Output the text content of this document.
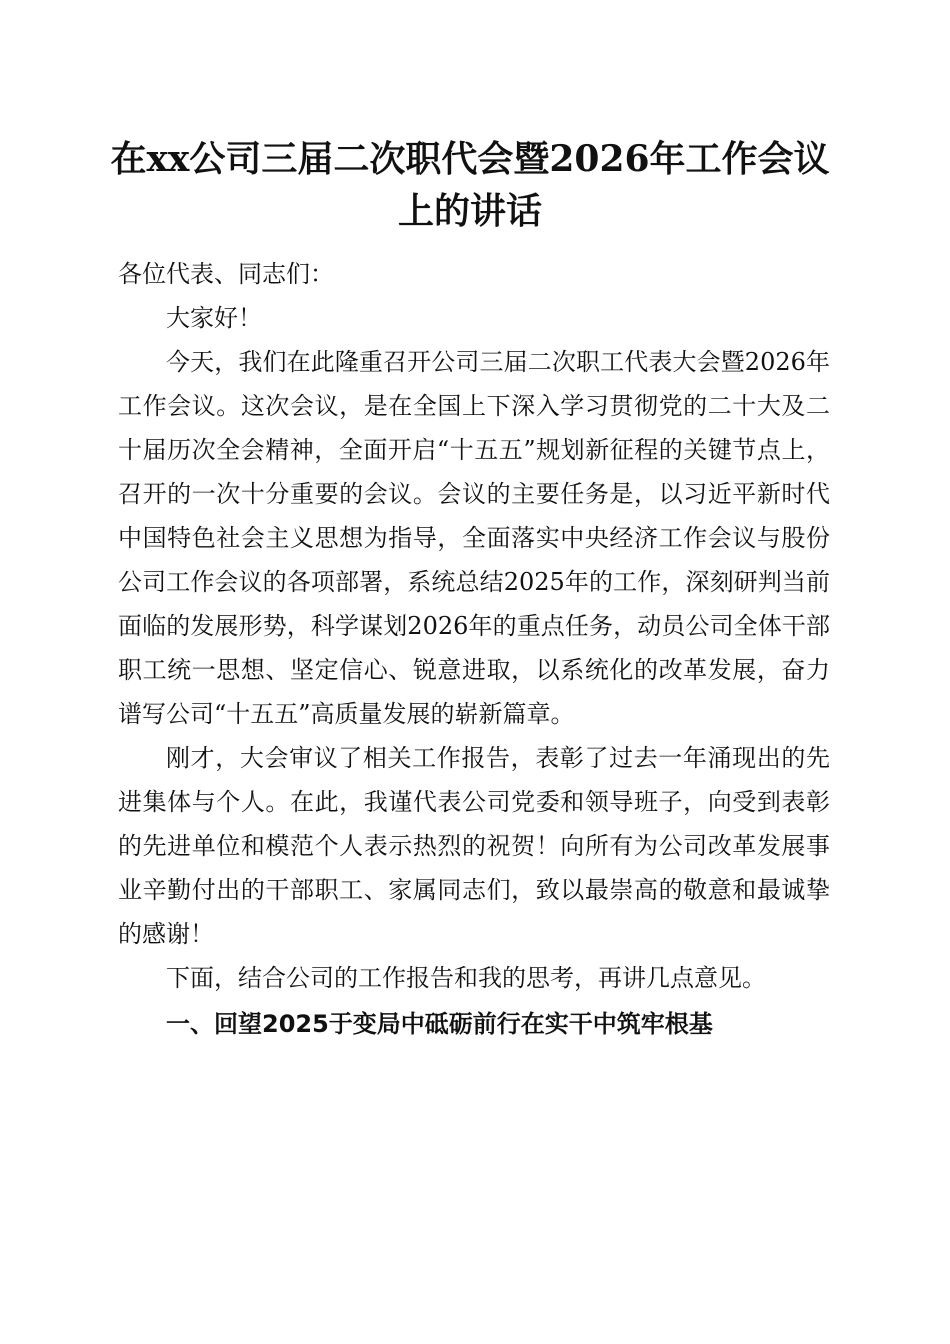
在xx公司三届二次职代会暨2026年工作会议上的讲话

各位代表、同志们：

大家好！

今天，我们在此隆重召开公司三届二次职工代表大会暨2026年工作会议。这次会议，是在全国上下深入学习贯彻党的二十大及二十届历次全会精神，全面开启“十五五”规划新征程的关键节点上，召开的一次十分重要的会议。会议的主要任务是，以习近平新时代中国特色社会主义思想为指导，全面落实中央经济工作会议与股份公司工作会议的各项部署，系统总结2025年的工作，深刻研判当前面临的发展形势，科学谋划2026年的重点任务，动员公司全体干部职工统一思想、坚定信心、锐意进取，以系统化的改革发展，奋力谱写公司“十五五”高质量发展的崭新篇章。

刚才，大会审议了相关工作报告，表彰了过去一年涌现出的先进集体与个人。在此，我谨代表公司党委和领导班子，向受到表彰的先进单位和模范个人表示热烈的祝贺！向所有为公司改革发展事业辛勤付出的干部职工、家属同志们，致以最崇高的敬意和最诚挚的感谢！

下面，结合公司的工作报告和我的思考，再讲几点意见。

一、回望2025于变局中砥砺前行在实干中筑牢根基
